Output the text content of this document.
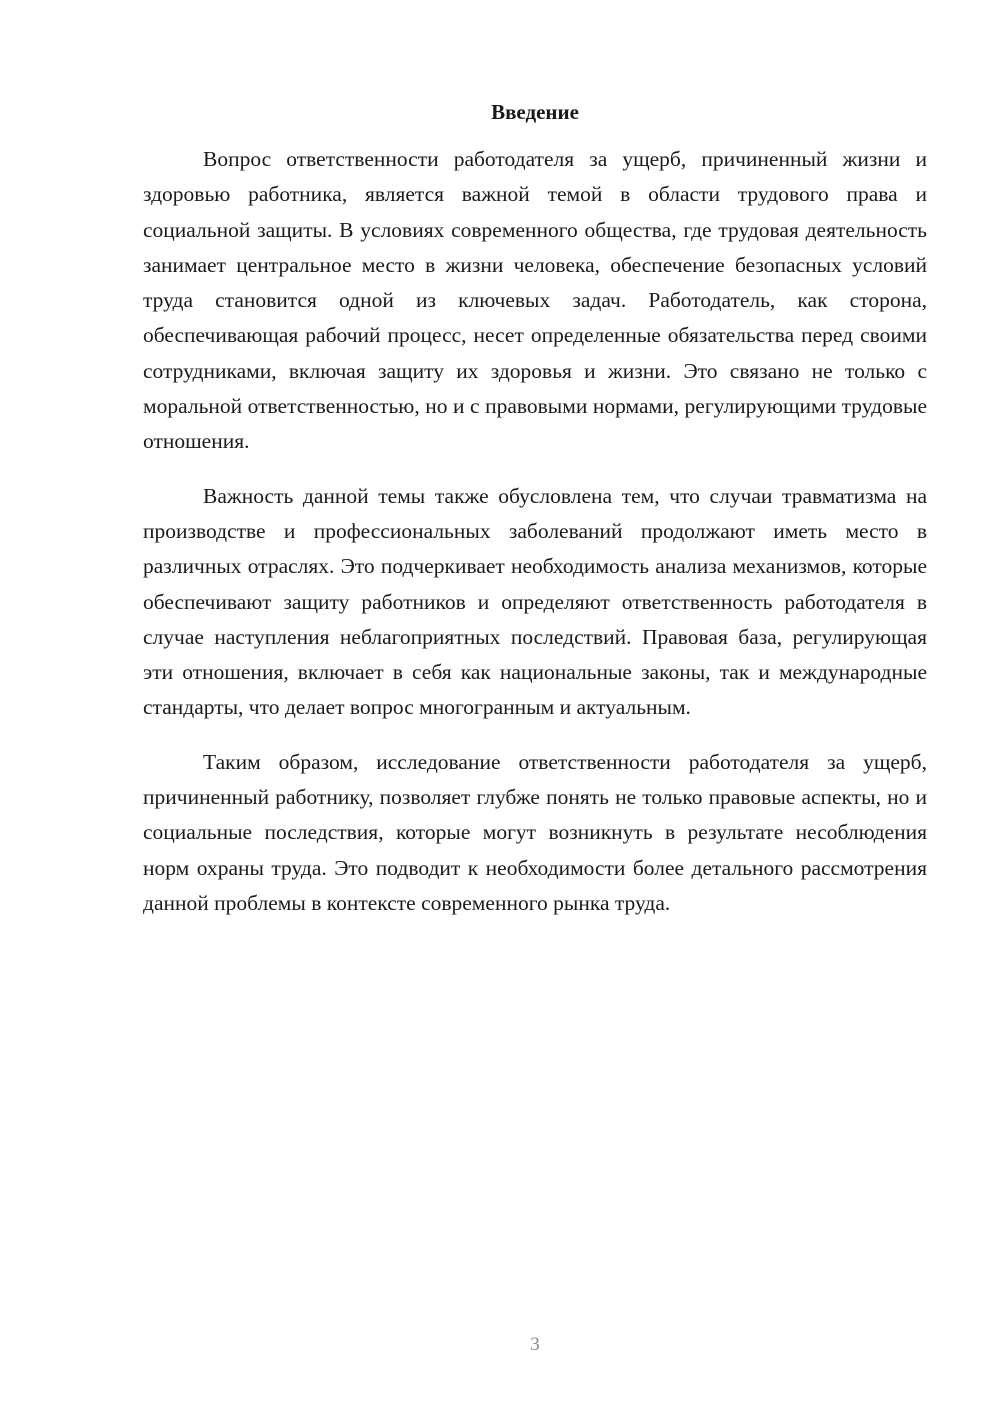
Введение

Вопрос ответственности работодателя за ущерб, причиненный жизни и здоровью работника, является важной темой в области трудового права и социальной защиты. В условиях современного общества, где трудовая деятельность занимает центральное место в жизни человека, обеспечение безопасных условий труда становится одной из ключевых задач. Работодатель, как сторона, обеспечивающая рабочий процесс, несет определенные обязательства перед своими сотрудниками, включая защиту их здоровья и жизни. Это связано не только с моральной ответственностью, но и с правовыми нормами, регулирующими трудовые отношения.

Важность данной темы также обусловлена тем, что случаи травматизма на производстве и профессиональных заболеваний продолжают иметь место в различных отраслях. Это подчеркивает необходимость анализа механизмов, которые обеспечивают защиту работников и определяют ответственность работодателя в случае наступления неблагоприятных последствий. Правовая база, регулирующая эти отношения, включает в себя как национальные законы, так и международные стандарты, что делает вопрос многогранным и актуальным.

Таким образом, исследование ответственности работодателя за ущерб, причиненный работнику, позволяет глубже понять не только правовые аспекты, но и социальные последствия, которые могут возникнуть в результате несоблюдения норм охраны труда. Это подводит к необходимости более детального рассмотрения данной проблемы в контексте современного рынка труда.

3
